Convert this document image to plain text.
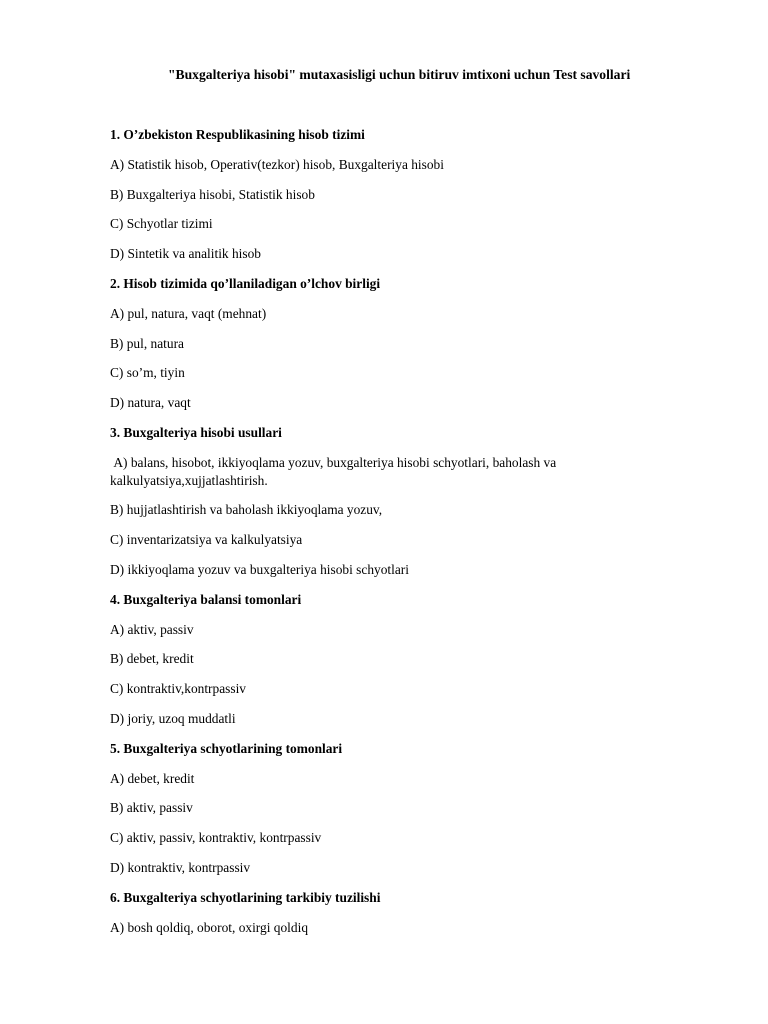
"Buxgalteriya hisobi" mutaxasisligi uchun bitiruv imtixoni uchun Test savollari

1. O’zbekiston Respublikasining hisob tizimi

A) Statistik hisob, Operativ(tezkor) hisob, Buxgalteriya hisobi

B) Buxgalteriya hisobi, Statistik hisob

C) Schyotlar tizimi

D) Sintetik va analitik hisob

2. Hisob tizimida qo’llaniladigan o’lchov birligi

A) pul, natura, vaqt (mehnat)

B) pul, natura

C) so’m, tiyin

D) natura, vaqt

3. Buxgalteriya hisobi usullari

A) balans, hisobot, ikkiyoqlama yozuv, buxgalteriya hisobi schyotlari, baholash va kalkulyatsiya,xujjatlashtirish.

B) hujjatlashtirish va baholash ikkiyoqlama yozuv,

C) inventarizatsiya va kalkulyatsiya

D) ikkiyoqlama yozuv va buxgalteriya hisobi schyotlari

4. Buxgalteriya balansi tomonlari

A) aktiv, passiv

B) debet, kredit

C) kontraktiv,kontrpassiv

D) joriy, uzoq muddatli

5. Buxgalteriya schyotlarining tomonlari

A) debet, kredit

B) aktiv, passiv

C) aktiv, passiv, kontraktiv, kontrpassiv

D) kontraktiv, kontrpassiv

6. Buxgalteriya schyotlarining tarkibiy tuzilishi

A) bosh qoldiq, oborot, oxirgi qoldiq
